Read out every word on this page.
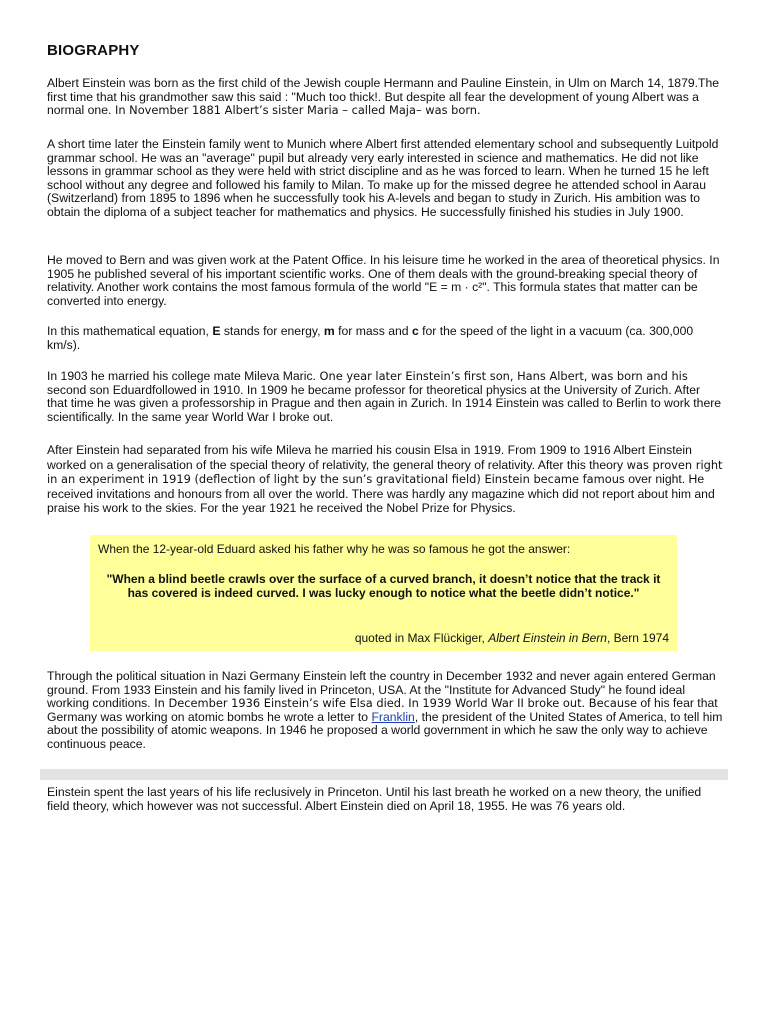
BIOGRAPHY

Albert Einstein was born as the first child of the Jewish couple Hermann and Pauline Einstein, in Ulm on March 14, 1879.The first time that his grandmother saw this said : "Much too thick!. But despite all fear the development of young Albert was a normal one. In November 1881 Albert’s sister Maria – called Maja– was born.

A short time later the Einstein family went to Munich where Albert first attended elementary school and subsequently Luitpold grammar school. He was an "average" pupil but already very early interested in science and mathematics. He did not like lessons in grammar school as they were held with strict discipline and as he was forced to learn. When he turned 15 he left school without any degree and followed his family to Milan. To make up for the missed degree he attended school in Aarau (Switzerland) from 1895 to 1896 when he successfully took his A-levels and began to study in Zurich. His ambition was to obtain the diploma of a subject teacher for mathematics and physics. He successfully finished his studies in July 1900.

He moved to Bern and was given work at the Patent Office. In his leisure time he worked in the area of theoretical physics. In 1905 he published several of his important scientific works. One of them deals with the ground-breaking special theory of relativity. Another work contains the most famous formula of the world "E = m · c²". This formula states that matter can be converted into energy.

In this mathematical equation, E stands for energy, m for mass and c for the speed of the light in a vacuum (ca. 300,000 km/s).

In 1903 he married his college mate Mileva Maric. One year later Einstein’s first son, Hans Albert, was born and his second son Eduardfollowed in 1910. In 1909 he became professor for theoretical physics at the University of Zurich. After that time he was given a professorship in Prague and then again in Zurich. In 1914 Einstein was called to Berlin to work there scientifically. In the same year World War I broke out.

After Einstein had separated from his wife Mileva he married his cousin Elsa in 1919. From 1909 to 1916 Albert Einstein worked on a generalisation of the special theory of relativity, the general theory of relativity. After this theory was proven right in an experiment in 1919 (deflection of light by the sun’s gravitational field) Einstein became famous over night. He received invitations and honours from all over the world. There was hardly any magazine which did not report about him and praise his work to the skies. For the year 1921 he received the Nobel Prize for Physics.

When the 12-year-old Eduard asked his father why he was so famous he got the answer:

"When a blind beetle crawls over the surface of a curved branch, it doesn’t notice that the track it has covered is indeed curved. I was lucky enough to notice what the beetle didn’t notice."

quoted in Max Flückiger, Albert Einstein in Bern, Bern 1974

Through the political situation in Nazi Germany Einstein left the country in December 1932 and never again entered German ground. From 1933 Einstein and his family lived in Princeton, USA. At the "Institute for Advanced Study" he found ideal working conditions. In December 1936 Einstein’s wife Elsa died. In 1939 World War II broke out. Because of his fear that Germany was working on atomic bombs he wrote a letter to Franklin, the president of the United States of America, to tell him about the possibility of atomic weapons. In 1946 he proposed a world government in which he saw the only way to achieve continuous peace.

Einstein spent the last years of his life reclusively in Princeton. Until his last breath he worked on a new theory, the unified field theory, which however was not successful. Albert Einstein died on April 18, 1955. He was 76 years old.
